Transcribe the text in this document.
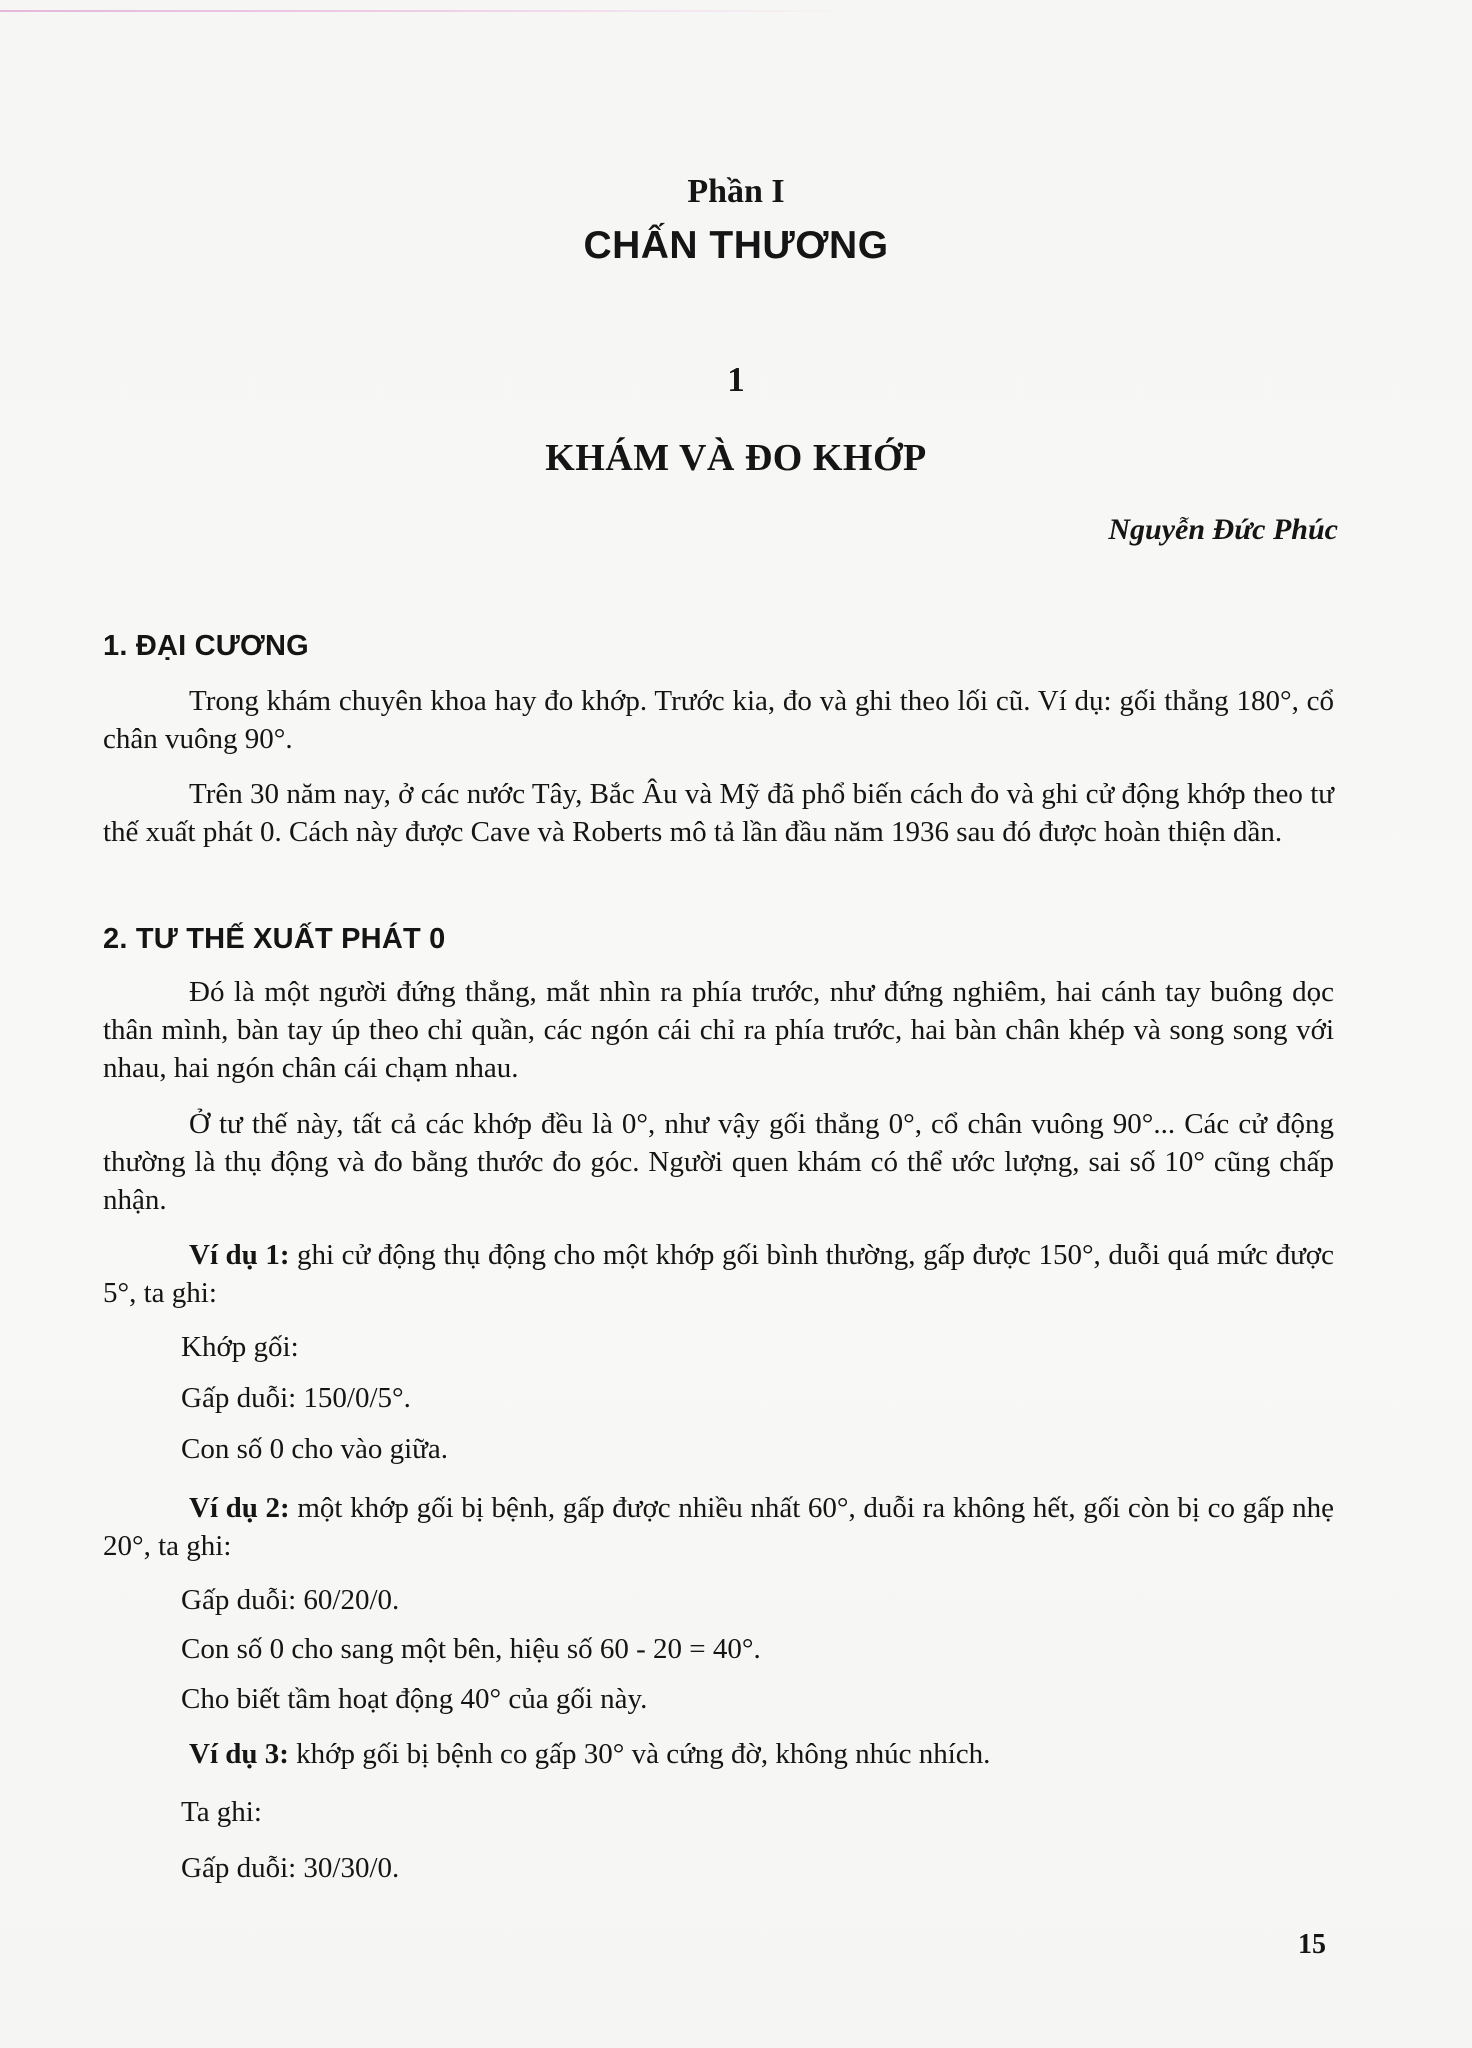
Phần I
CHẤN THƯƠNG
1
KHÁM VÀ ĐO KHỚP
Nguyễn Đức Phúc
1. ĐẠI CƯƠNG
Trong khám chuyên khoa hay đo khớp. Trước kia, đo và ghi theo lối cũ. Ví dụ: gối thẳng 180°, cổ chân vuông 90°.
Trên 30 năm nay, ở các nước Tây, Bắc Âu và Mỹ đã phổ biến cách đo và ghi cử động khớp theo tư thế xuất phát 0. Cách này được Cave và Roberts mô tả lần đầu năm 1936 sau đó được hoàn thiện dần.
2. TƯ THẾ XUẤT PHÁT 0
Đó là một người đứng thẳng, mắt nhìn ra phía trước, như đứng nghiêm, hai cánh tay buông dọc thân mình, bàn tay úp theo chỉ quần, các ngón cái chỉ ra phía trước, hai bàn chân khép và song song với nhau, hai ngón chân cái chạm nhau.
Ở tư thế này, tất cả các khớp đều là 0°, như vậy gối thẳng 0°, cổ chân vuông 90°... Các cử động thường là thụ động và đo bằng thước đo góc. Người quen khám có thể ước lượng, sai số 10° cũng chấp nhận.
Ví dụ 1: ghi cử động thụ động cho một khớp gối bình thường, gấp được 150°, duỗi quá mức được 5°, ta ghi:
Khớp gối:
Gấp duỗi: 150/0/5°.
Con số 0 cho vào giữa.
Ví dụ 2: một khớp gối bị bệnh, gấp được nhiều nhất 60°, duỗi ra không hết, gối còn bị co gấp nhẹ 20°, ta ghi:
Gấp duỗi: 60/20/0.
Con số 0 cho sang một bên, hiệu số 60 - 20 = 40°.
Cho biết tầm hoạt động 40° của gối này.
Ví dụ 3: khớp gối bị bệnh co gấp 30° và cứng đờ, không nhúc nhích.
Ta ghi:
Gấp duỗi: 30/30/0.
15
